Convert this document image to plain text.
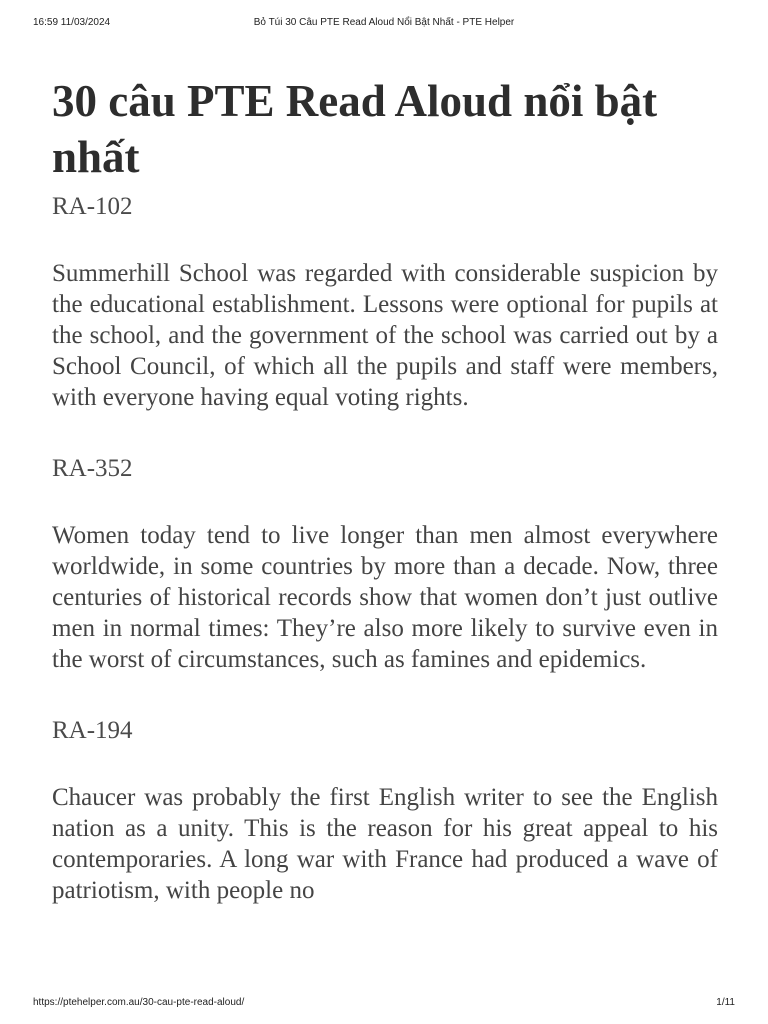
16:59 11/03/2024	Bỏ Túi 30 Câu PTE Read Aloud Nổi Bật Nhất - PTE Helper
30 câu PTE Read Aloud nổi bật nhất

RA-102

Summerhill School was regarded with considerable suspicion by the educational establishment. Lessons were optional for pupils at the school, and the government of the school was carried out by a School Council, of which all the pupils and staff were members, with everyone having equal voting rights.

RA-352

Women today tend to live longer than men almost everywhere worldwide, in some countries by more than a decade. Now, three centuries of historical records show that women don’t just outlive men in normal times: They’re also more likely to survive even in the worst of circumstances, such as famines and epidemics.

RA-194

Chaucer was probably the first English writer to see the English nation as a unity. This is the reason for his great appeal to his contemporaries. A long war with France had produced a wave of patriotism, with people no

https://ptehelper.com.au/30-cau-pte-read-aloud/	1/11
